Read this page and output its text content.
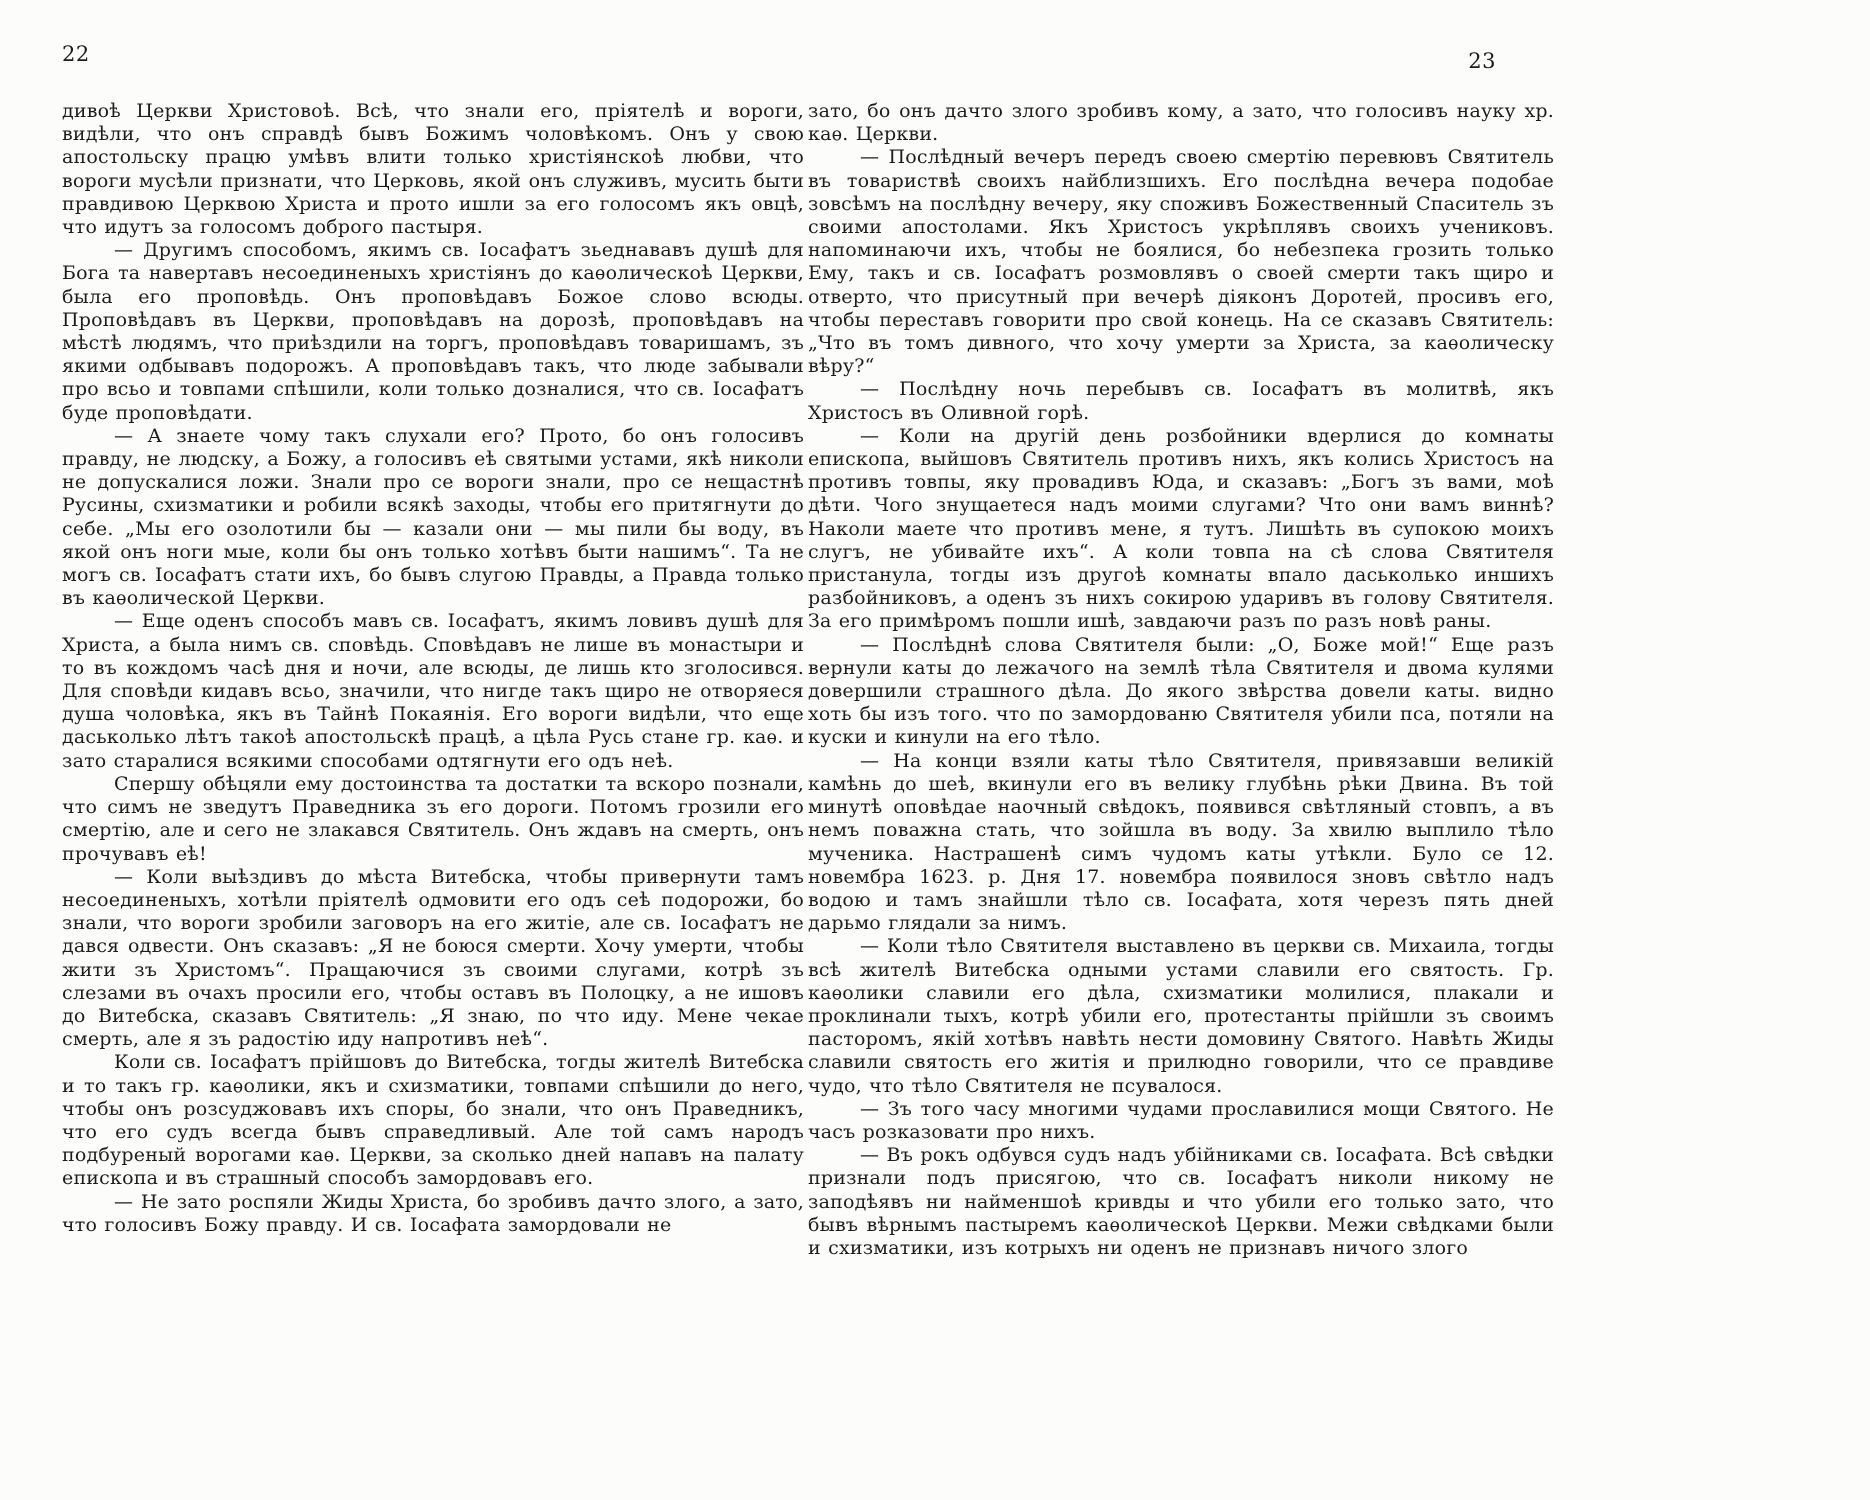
22

дивоѣ Церкви Христовоѣ. Всѣ, что знали его, пріятелѣ и вороги, видѣли, что онъ справдѣ бывъ Божимъ чоловѣкомъ. Онъ у свою апостольску працю умѣвъ влити только христіянскоѣ любви, что вороги мусѣли признати, что Церковь, якой онъ служивъ, мусить быти правдивою Церквою Христа и прото ишли за его голосомъ якъ овцѣ, что идутъ за голосомъ доброго пастыря.

— Другимъ способомъ, якимъ св. Іосафатъ зьеднававъ душѣ для Бога та навертавъ несоединеныхъ христіянъ до каѳолическоѣ Церкви, была его проповѣдь. Онъ проповѣдавъ Божое слово всюды. Проповѣдавъ въ Церкви, проповѣдавъ на дорозѣ, проповѣдавъ на мѣстѣ людямъ, что приѣздили на торгъ, проповѣдавъ товаришамъ, зъ якими одбывавъ подорожъ. А проповѣдавъ такъ, что люде забывали про всьо и товпами спѣшили, коли только дозналися, что св. Іосафатъ буде проповѣдати.

— А знаете чому такъ слухали его? Прото, бо онъ голосивъ правду, не людску, а Божу, а голосивъ еѣ святыми устами, якѣ николи не допускалися ложи. Знали про се вороги знали, про се нещастнѣ Русины, схизматики и робили всякѣ заходы, чтобы его притягнути до себе. „Мы его озолотили бы — казали они — мы пили бы воду, въ якой онъ ноги мые, коли бы онъ только хотѣвъ быти нашимъ“. Та не могъ св. Іосафатъ стати ихъ, бо бывъ слугою Правды, а Правда только въ каѳолической Церкви.

— Еще оденъ способъ мавъ св. Іосафатъ, якимъ ловивъ душѣ для Христа, а была нимъ св. сповѣдь. Сповѣдавъ не лише въ монастыри и то въ кождомъ часѣ дня и ночи, але всюды, де лишь кто зголосився. Для сповѣди кидавъ всьо, значили, что нигде такъ щиро не отворяеся душа чоловѣка, якъ въ Тайнѣ Покаянія. Его вороги видѣли, что еще даськолько лѣтъ такоѣ апостольскѣ працѣ, а цѣла Русь стане гр. каѳ. и зато старалися всякими способами одтягнути его одъ неѣ.

Спершу обѣцяли ему достоинства та достатки та вскоро познали, что симъ не зведутъ Праведника зъ его дороги. Потомъ грозили его смертію, але и сего не злакався Святитель. Онъ ждавъ на смерть, онъ прочувавъ еѣ!

— Коли выѣздивъ до мѣста Витебска, чтобы привернути тамъ несоединеныхъ, хотѣли пріятелѣ одмовити его одъ сеѣ подорожи, бо знали, что вороги зробили заговоръ на его житіе, але св. Іосафатъ не дався одвести. Онъ сказавъ: „Я не боюся смерти. Хочу умерти, чтобы жити зъ Христомъ“. Пращаючися зъ своими слугами, котрѣ зъ слезами въ очахъ просили его, чтобы оставъ въ Полоцку, а не ишовъ до Витебска, сказавъ Святитель: „Я знаю, по что иду. Мене чекае смерть, але я зъ радостію иду напротивъ неѣ“.

Коли св. Іосафатъ прійшовъ до Витебска, тогды жителѣ Витебска и то такъ гр. каѳолики, якъ и схизматики, товпами спѣшили до него, чтобы онъ розсуджовавъ ихъ споры, бо знали, что онъ Праведникъ, что его судъ всегда бывъ справедливый. Але той самъ народъ подбуреный ворогами каѳ. Церкви, за сколько дней напавъ на палату епископа и въ страшный способъ замордовавъ его.

— Не зато роспяли Жиды Христа, бо зробивъ дачто злого, а зато, что голосивъ Божу правду. И св. Іосафата замордовали не

23

зато, бо онъ дачто злого зробивъ кому, а зато, что голосивъ науку хр. каѳ. Церкви.

— Послѣдный вечеръ передъ своею смертію перевювъ Святитель въ товариствѣ своихъ найблизшихъ. Его послѣдна вечера подобае зовсѣмъ на послѣдну вечеру, яку споживъ Божественный Спаситель зъ своими апостолами. Якъ Христосъ укрѣплявъ своихъ учениковъ. напоминаючи ихъ, чтобы не боялися, бо небезпека грозить только Ему, такъ и св. Іосафатъ розмовлявъ о своей смерти такъ щиро и отверто, что присутный при вечерѣ діяконъ Доротей, просивъ его, чтобы переставъ говорити про свой конець. На се сказавъ Святитель: „Что въ томъ дивного, что хочу умерти за Христа, за каѳолическу вѣру?“

— Послѣдну ночь перебывъ св. Іосафатъ въ молитвѣ, якъ Христосъ въ Оливной горѣ.

— Коли на другій день розбойники вдерлися до комнаты епископа, выйшовъ Святитель противъ нихъ, якъ колись Христосъ на противъ товпы, яку провадивъ Юда, и сказавъ: „Богъ зъ вами, моѣ дѣти. Чого знущаетеся надъ моими слугами? Что они вамъ виннѣ? Наколи маете что противъ мене, я тутъ. Лишѣть въ супокою моихъ слугъ, не убивайте ихъ“. А коли товпа на сѣ слова Святителя пристанула, тогды изъ другоѣ комнаты впало даськолько иншихъ разбойниковъ, а оденъ зъ нихъ сокирою ударивъ въ голову Святителя. За его примѣромъ пошли ишѣ, завдаючи разъ по разъ новѣ раны.

— Послѣднѣ слова Святителя были: „О, Боже мой!“ Еще разъ вернули каты до лежачого на землѣ тѣла Святителя и двома кулями довершили страшного дѣла. До якого звѣрства довели каты. видно хоть бы изъ того. что по замордованю Святителя убили пса, потяли на куски и кинули на его тѣло.

— На конци взяли каты тѣло Святителя, привязавши великій камѣнь до шеѣ, вкинули его въ велику глубѣнь рѣки Двина. Въ той минутѣ оповѣдае наочный свѣдокъ, появився свѣтляный стовпъ, а въ немъ поважна стать, что зойшла въ воду. За хвилю выплило тѣло мученика. Настрашенѣ симъ чудомъ каты утѣкли. Було се 12. новембра 1623. р. Дня 17. новембра появилося зновъ свѣтло надъ водою и тамъ знайшли тѣло св. Іосафата, хотя черезъ пять дней дарьмо глядали за нимъ.

— Коли тѣло Святителя выставлено въ церкви св. Михаила, тогды всѣ жителѣ Витебска одными устами славили его святость. Гр. каѳолики славили его дѣла, схизматики молилися, плакали и проклинали тыхъ, котрѣ убили его, протестанты прійшли зъ своимъ пасторомъ, якій хотѣвъ навѣть нести домовину Святого. Навѣть Жиды славили святость его житія и прилюдно говорили, что се правдиве чудо, что тѣло Святителя не псувалося.

— Зъ того часу многими чудами прославилися мощи Святого. Не часъ розказовати про нихъ.

— Въ рокъ одбувся судъ надъ убійниками св. Іосафата. Всѣ свѣдки признали подъ присягою, что св. Іосафатъ николи никому не заподѣявъ ни найменшоѣ кривды и что убили его только зато, что бывъ вѣрнымъ пастыремъ каѳолическоѣ Церкви. Межи свѣдками были и схизматики, изъ котрыхъ ни оденъ не признавъ ничого злого
